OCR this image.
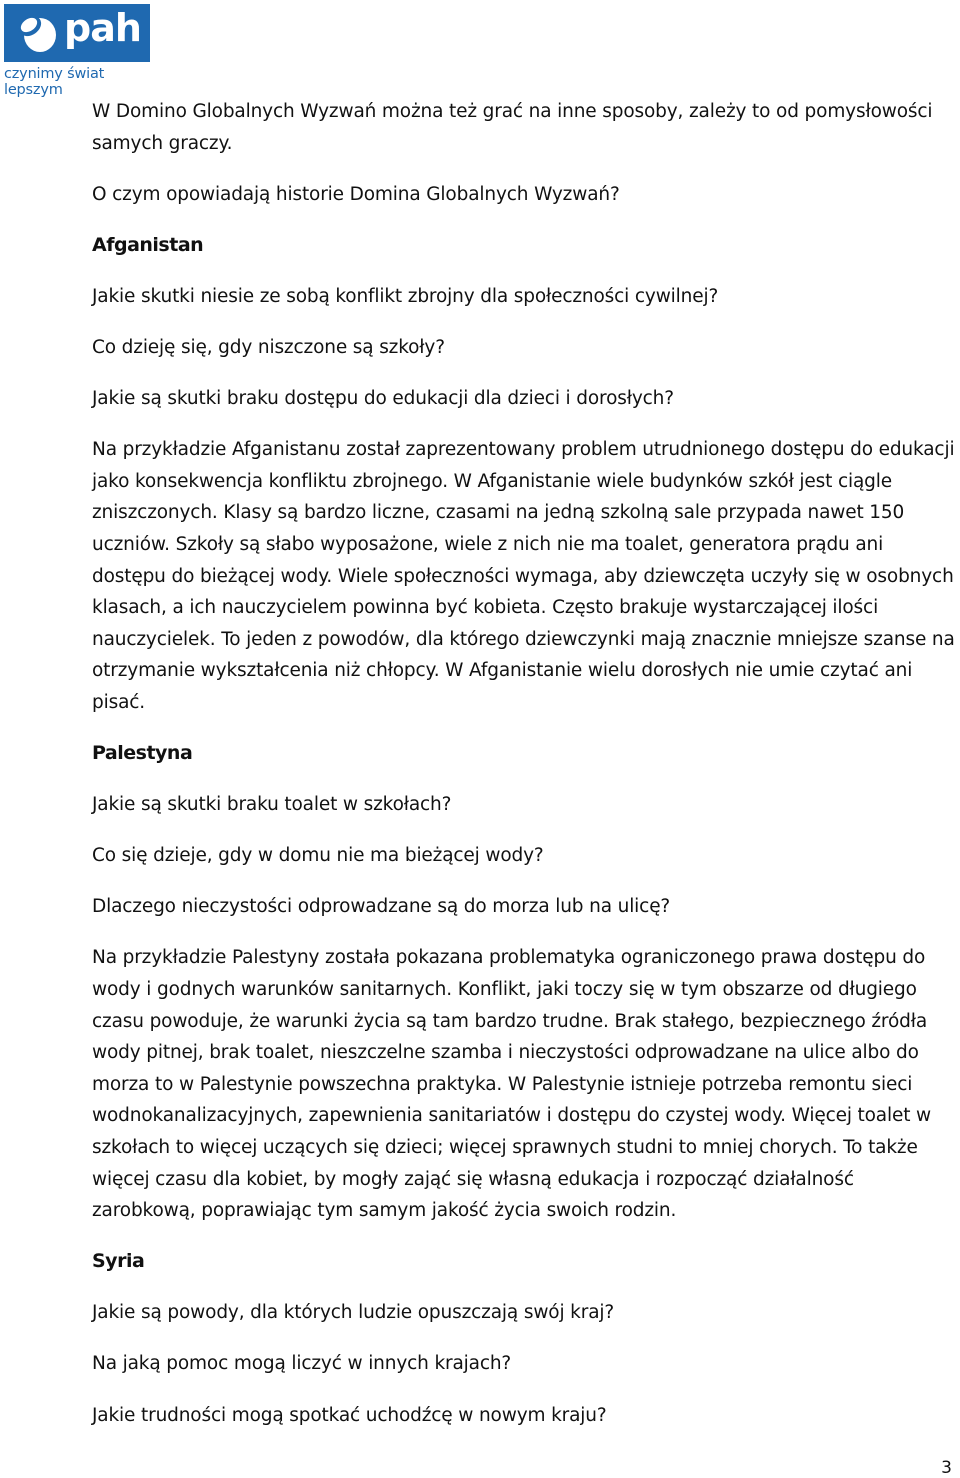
pah
czynimy świat lepszym

W Domino Globalnych Wyzwań można też grać na inne sposoby, zależy to od pomysłowości samych graczy.

O czym opowiadają historie Domina Globalnych Wyzwań?

Afganistan

Jakie skutki niesie ze sobą konflikt zbrojny dla społeczności cywilnej?

Co dzieję się, gdy niszczone są szkoły?

Jakie są skutki braku dostępu do edukacji dla dzieci i dorosłych?

Na przykładzie Afganistanu został zaprezentowany problem utrudnionego dostępu do edukacji jako konsekwencja konfliktu zbrojnego. W Afganistanie wiele budynków szkół jest ciągle zniszczonych. Klasy są bardzo liczne, czasami na jedną szkolną sale przypada nawet 150 uczniów. Szkoły są słabo wyposażone, wiele z nich nie ma toalet, generatora prądu ani dostępu do bieżącej wody. Wiele społeczności wymaga, aby dziewczęta uczyły się w osobnych klasach, a ich nauczycielem powinna być kobieta. Często brakuje wystarczającej ilości nauczycielek. To jeden z powodów, dla którego dziewczynki mają znacznie mniejsze szanse na otrzymanie wykształcenia niż chłopcy. W Afganistanie wielu dorosłych nie umie czytać ani pisać.

Palestyna

Jakie są skutki braku toalet w szkołach?

Co się dzieje, gdy w domu nie ma bieżącej wody?

Dlaczego nieczystości odprowadzane są do morza lub na ulicę?

Na przykładzie Palestyny została pokazana problematyka ograniczonego prawa dostępu do wody i godnych warunków sanitarnych. Konflikt, jaki toczy się w tym obszarze od długiego czasu powoduje, że warunki życia są tam bardzo trudne. Brak stałego, bezpiecznego źródła wody pitnej, brak toalet, nieszczelne szamba i nieczystości odprowadzane na ulice albo do morza to w Palestynie powszechna praktyka. W Palestynie istnieje potrzeba remontu sieci wodnokanalizacyjnych, zapewnienia sanitariatów i dostępu do czystej wody. Więcej toalet w szkołach to więcej uczących się dzieci; więcej sprawnych studni to mniej chorych. To także więcej czasu dla kobiet, by mogły zająć się własną edukacja i rozpocząć działalność zarobkową, poprawiając tym samym jakość życia swoich rodzin.

Syria

Jakie są powody, dla których ludzie opuszczają swój kraj?

Na jaką pomoc mogą liczyć w innych krajach?

Jakie trudności mogą spotkać uchodźcę w nowym kraju?

3
